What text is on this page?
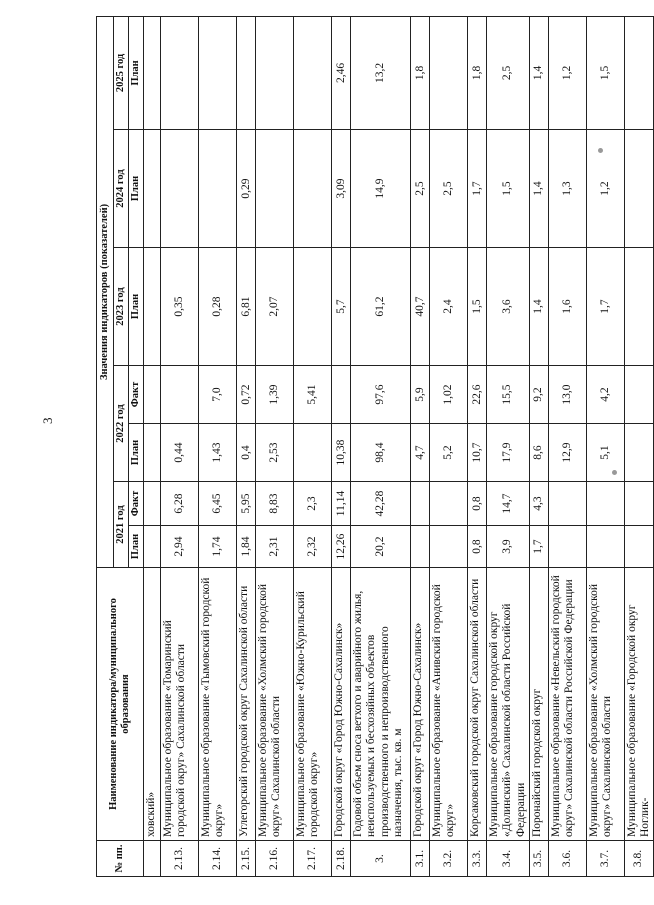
3
№ пп.	Наименование индикатора/муниципального образования	Значения индикаторов (показателей)						
		2021 год		2022 год		2023 год	2024 год	2025 год
		План	Факт	План	Факт	План	План	План
	ховский»							
2.13.	Муниципальное образование «Томаринский городской округ» Сахалинской области	2,94	6,28	0,44		0,35		
2.14.	Муниципальное образование «Тымовский городской округ»	1,74	6,45	1,43	7,0	0,28		
2.15.	Углегорский городской округ Сахалинской области	1,84	5,95	0,4	0,72	6,81	0,29	
2.16.	Муниципальное образование «Холмский городской округ» Сахалинской области	2,31	8,83	2,53	1,39	2,07		
2.17.	Муниципальное образование «Южно-Курильский городской округ»	2,32	2,3		5,41			
2.18.	Городской округ «Город Южно-Сахалинск»	12,26	11,14	10,38		5,7	3,09	2,46
3.	Годовой объем сноса ветхого и аварийного жилья, неиспользуемых и бесхозяйных объектов производственного и непроизводственного назначения, тыс. кв. м	20,2	42,28	98,4	97,6	61,2	14,9	13,2
3.1.	Городской округ «Город Южно-Сахалинск»			4,7	5,9	40,7	2,5	1,8
3.2.	Муниципальное образование «Анивский городской округ»			5,2	1,02	2,4	2,5	
3.3.	Корсаковский городской округ Сахалинской области	0,8	0,8	10,7	22,6	1,5	1,7	1,8
3.4.	Муниципальное образование городской округ «Долинский» Сахалинской области Российской Федерации	3,9	14,7	17,9	15,5	3,6	1,5	2,5
3.5.	Поронайский городской округ	1,7	4,3	8,6	9,2	1,4	1,4	1,4
3.6.	Муниципальное образование «Невельский городской округ» Сахалинской области Российской Федерации			12,9	13,0	1,6	1,3	1,2
3.7.	Муниципальное образование «Холмский городской округ» Сахалинской области			5,1	4,2	1,7	1,2	1,5
3.8.	Муниципальное образование «Городской округ Ноглик-							
